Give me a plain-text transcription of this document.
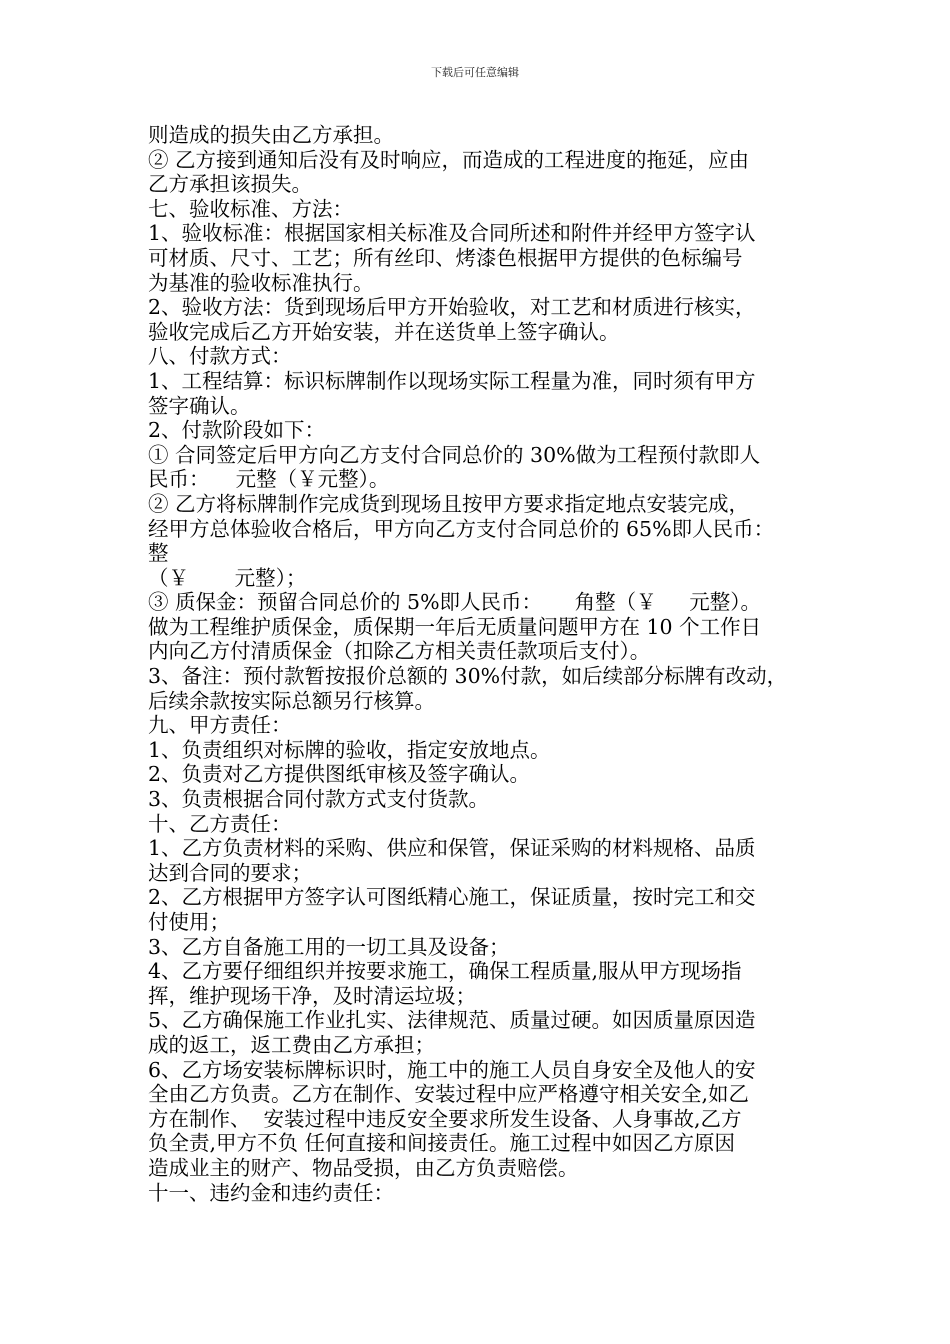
下载后可任意编辑
则造成的损失由乙方承担。
② 乙方接到通知后没有及时响应，而造成的工程进度的拖延，应由
乙方承担该损失。
七、验收标准、方法：
1、验收标准：根据国家相关标准及合同所述和附件并经甲方签字认
可材质、尺寸、工艺；所有丝印、烤漆色根据甲方提供的色标编号
为基准的验收标准执行。
2、验收方法：货到现场后甲方开始验收，对工艺和材质进行核实，
验收完成后乙方开始安装，并在送货单上签字确认。
八、付款方式：
1、工程结算：标识标牌制作以现场实际工程量为准，同时须有甲方
签字确认。
2、付款阶段如下：
① 合同签定后甲方向乙方支付合同总价的 30%做为工程预付款即人
民币：    元整（￥元整）。
② 乙方将标牌制作完成货到现场且按甲方要求指定地点安装完成，
经甲方总体验收合格后，甲方向乙方支付合同总价的 65%即人民币：
整
（￥       元整）；
③ 质保金：预留合同总价的 5%即人民币：     角整（￥     元整）。
做为工程维护质保金，质保期一年后无质量问题甲方在 10 个工作日
内向乙方付清质保金（扣除乙方相关责任款项后支付）。
3、备注：预付款暂按报价总额的 30%付款，如后续部分标牌有改动，
后续余款按实际总额另行核算。
九、甲方责任：
1、负责组织对标牌的验收，指定安放地点。
2、负责对乙方提供图纸审核及签字确认。
3、负责根据合同付款方式支付货款。
十、乙方责任：
1、乙方负责材料的采购、供应和保管，保证采购的材料规格、品质
达到合同的要求；
2、乙方根据甲方签字认可图纸精心施工，保证质量，按时完工和交
付使用；
3、乙方自备施工用的一切工具及设备；
4、乙方要仔细组织并按要求施工，确保工程质量,服从甲方现场指
挥，维护现场干净，及时清运垃圾；
5、乙方确保施工作业扎实、法律规范、质量过硬。如因质量原因造
成的返工，返工费由乙方承担；
6、乙方场安装标牌标识时，施工中的施工人员自身安全及他人的安
全由乙方负责。乙方在制作、安装过程中应严格遵守相关安全,如乙
方在制作、  安装过程中违反安全要求所发生设备、人身事故,乙方
负全责,甲方不负 任何直接和间接责任。施工过程中如因乙方原因
造成业主的财产、物品受损，由乙方负责赔偿。
十一、违约金和违约责任：
